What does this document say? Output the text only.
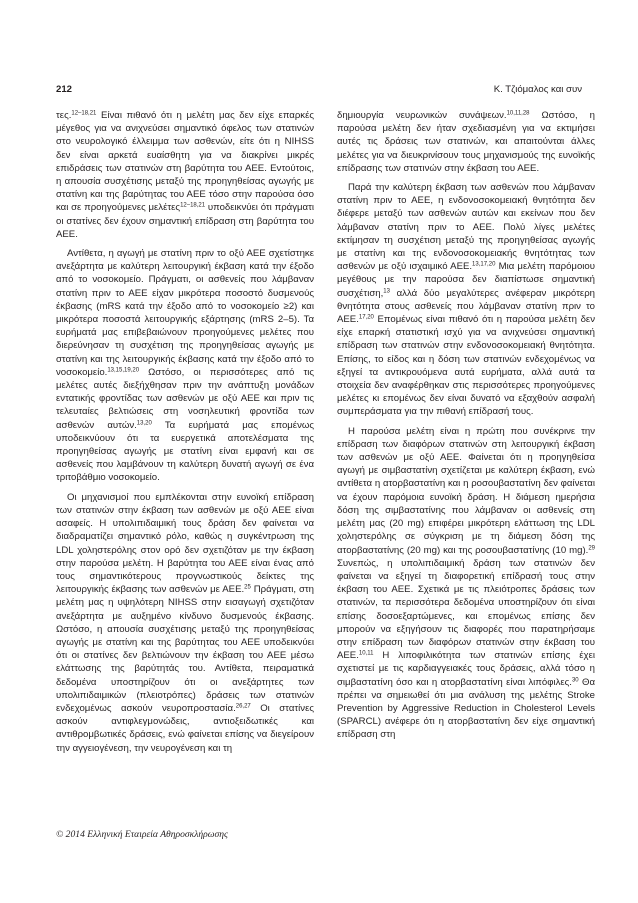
212	Κ. Τζιόμαλος και συν

τες.$^{12-18,21}$ Είναι πιθανό ότι η μελέτη μας δεν είχε επαρκές μέγεθος για να ανιχνεύσει σημαντικό όφελος των στατινών στο νευρολογικό έλλειμμα των ασθενών, είτε ότι η NIHSS δεν είναι αρκετά ευαίσθητη για να διακρίνει μικρές επιδράσεις των στατινών στη βαρύτητα του ΑΕΕ. Εντούτοις, η απουσία συσχέτισης μεταξύ της προηγηθείσας αγωγής με στατίνη και της βαρύτητας του ΑΕΕ τόσο στην παρούσα όσο και σε προηγούμενες μελέτες$^{12-18,21}$ υποδεικνύει ότι πράγματι οι στατίνες δεν έχουν σημαντική επίδραση στη βαρύτητα του ΑΕΕ.

Αντίθετα, η αγωγή με στατίνη πριν το οξύ ΑΕΕ σχετίστηκε ανεξάρτητα με καλύτερη λειτουργική έκβαση κατά την έξοδο από το νοσοκομείο. Πράγματι, οι ασθενείς που λάμβαναν στατίνη πριν το ΑΕΕ είχαν μικρότερα ποσοστό δυσμενούς έκβασης (mRS κατά την έξοδο από το νοσοκομείο ≥2) και μικρότερα ποσοστά λειτουργικής εξάρτησης (mRS 2–5). Τα ευρήματά μας επιβεβαιώνουν προηγούμενες μελέτες που διερεύνησαν τη συσχέτιση της προηγηθείσας αγωγής με στατίνη και της λειτουργικής έκβασης κατά την έξοδο από το νοσοκομείο.$^{13,15,19,20}$ Ωστόσο, οι περισσότερες από τις μελέτες αυτές διεξήχθησαν πριν την ανάπτυξη μονάδων εντατικής φροντίδας των ασθενών με οξύ ΑΕΕ και πριν τις τελευταίες βελτιώσεις στη νοσηλευτική φροντίδα των ασθενών αυτών.$^{13,20}$ Τα ευρήματά μας επομένως υποδεικνύουν ότι τα ευεργετικά αποτελέσματα της προηγηθείσας αγωγής με στατίνη είναι εμφανή και σε ασθενείς που λαμβάνουν τη καλύτερη δυνατή αγωγή σε ένα τριτοβάθμιο νοσοκομείο.

Οι μηχανισμοί που εμπλέκονται στην ευνοϊκή επίδραση των στατινών στην έκβαση των ασθενών με οξύ ΑΕΕ είναι ασαφείς. Η υπολιπιδαιμική τους δράση δεν φαίνεται να διαδραματίζει σημαντικό ρόλο, καθώς η συγκέντρωση της LDL χοληστερόλης στον ορό δεν σχετιζόταν με την έκβαση στην παρούσα μελέτη. Η βαρύτητα του ΑΕΕ είναι ένας από τους σημαντικότερους προγνωστικούς δείκτες της λειτουργικής έκβασης των ασθενών με ΑΕΕ.$^{25}$ Πράγματι, στη μελέτη μας η υψηλότερη NIHSS στην εισαγωγή σχετιζόταν ανεξάρτητα με αυξημένο κίνδυνο δυσμενούς έκβασης. Ωστόσο, η απουσία συσχέτισης μεταξύ της προηγηθείσας αγωγής με στατίνη και της βαρύτητας του ΑΕΕ υποδεικνύει ότι οι στατίνες δεν βελτιώνουν την έκβαση του ΑΕΕ μέσω ελάττωσης της βαρύτητάς του. Αντίθετα, πειραματικά δεδομένα υποστηρίζουν ότι οι ανεξάρτητες των υπολιπιδαιμικών (πλειοτρόπες) δράσεις των στατινών ενδεχομένως ασκούν νευροπροστασία.$^{26,27}$ Οι στατίνες ασκούν αντιφλεγμονώδεις, αντιοξειδωτικές και αντιθρομβωτικές δράσεις, ενώ φαίνεται επίσης να διεγείρουν την αγγειογένεση, την νευρογένεση και τη

δημιουργία νευρωνικών συνάψεων.$^{10,11,28}$ Ωστόσο, η παρούσα μελέτη δεν ήταν σχεδιασμένη για να εκτιμήσει αυτές τις δράσεις των στατινών, και απαιτούνται άλλες μελέτες για να διευκρινίσουν τους μηχανισμούς της ευνοϊκής επίδρασης των στατινών στην έκβαση του ΑΕΕ.

Παρά την καλύτερη έκβαση των ασθενών που λάμβαναν στατίνη πριν το ΑΕΕ, η ενδονοσοκομειακή θνητότητα δεν διέφερε μεταξύ των ασθενών αυτών και εκείνων που δεν λάμβαναν στατίνη πριν το ΑΕΕ. Πολύ λίγες μελέτες εκτίμησαν τη συσχέτιση μεταξύ της προηγηθείσας αγωγής με στατίνη και της ενδονοσοκομειακής θνητότητας των ασθενών με οξύ ισχαιμικό ΑΕΕ.$^{13,17,20}$ Μια μελέτη παρόμοιου μεγέθους με την παρούσα δεν διαπίστωσε σημαντική συσχέτιση,$^{13}$ αλλά δύο μεγαλύτερες ανέφεραν μικρότερη θνητότητα στους ασθενείς που λάμβαναν στατίνη πριν το ΑΕΕ.$^{17,20}$ Επομένως είναι πιθανό ότι η παρούσα μελέτη δεν είχε επαρκή στατιστική ισχύ για να ανιχνεύσει σημαντική επίδραση των στατινών στην ενδονοσοκομειακή θνητότητα. Επίσης, το είδος και η δόση των στατινών ενδεχομένως να εξηγεί τα αντικρουόμενα αυτά ευρήματα, αλλά αυτά τα στοιχεία δεν αναφέρθηκαν στις περισσότερες προηγούμενες μελέτες κι επομένως δεν είναι δυνατό να εξαχθούν ασφαλή συμπεράσματα για την πιθανή επίδρασή τους.

Η παρούσα μελέτη είναι η πρώτη που συνέκρινε την επίδραση των διαφόρων στατινών στη λειτουργική έκβαση των ασθενών με οξύ ΑΕΕ. Φαίνεται ότι η προηγηθείσα αγωγή με σιμβαστατίνη σχετίζεται με καλύτερη έκβαση, ενώ αντίθετα η ατορβαστατίνη και η ροσουβαστατίνη δεν φαίνεται να έχουν παρόμοια ευνοϊκή δράση. Η διάμεση ημερήσια δόση της σιμβαστατίνης που λάμβαναν οι ασθενείς στη μελέτη μας (20 mg) επιφέρει μικρότερη ελάττωση της LDL χοληστερόλης σε σύγκριση με τη διάμεση δόση της ατορβαστατίνης (20 mg) και της ροσουβαστατίνης (10 mg).$^{29}$ Συνεπώς, η υπολιπιδαιμική δράση των στατινών δεν φαίνεται να εξηγεί τη διαφορετική επίδρασή τους στην έκβαση του ΑΕΕ. Σχετικά με τις πλειότροπες δράσεις των στατινών, τα περισσότερα δεδομένα υποστηρίζουν ότι είναι επίσης δοσοεξαρτώμενες, και επομένως επίσης δεν μπορούν να εξηγήσουν τις διαφορές που παρατηρήσαμε στην επίδραση των διαφόρων στατινών στην έκβαση του ΑΕΕ.$^{10,11}$ Η λιποφιλικότητα των στατινών επίσης έχει σχετιστεί με τις καρδιαγγειακές τους δράσεις, αλλά τόσο η σιμβαστατίνη όσο και η ατορβαστατίνη είναι λιπόφιλες.$^{30}$ Θα πρέπει να σημειωθεί ότι μια ανάλυση της μελέτης Stroke Prevention by Aggressive Reduction in Cholesterol Levels (SPARCL) ανέφερε ότι η ατορβαστατίνη δεν είχε σημαντική επίδραση στη

© 2014 Ελληνική Εταιρεία Αθηροσκλήρωσης
